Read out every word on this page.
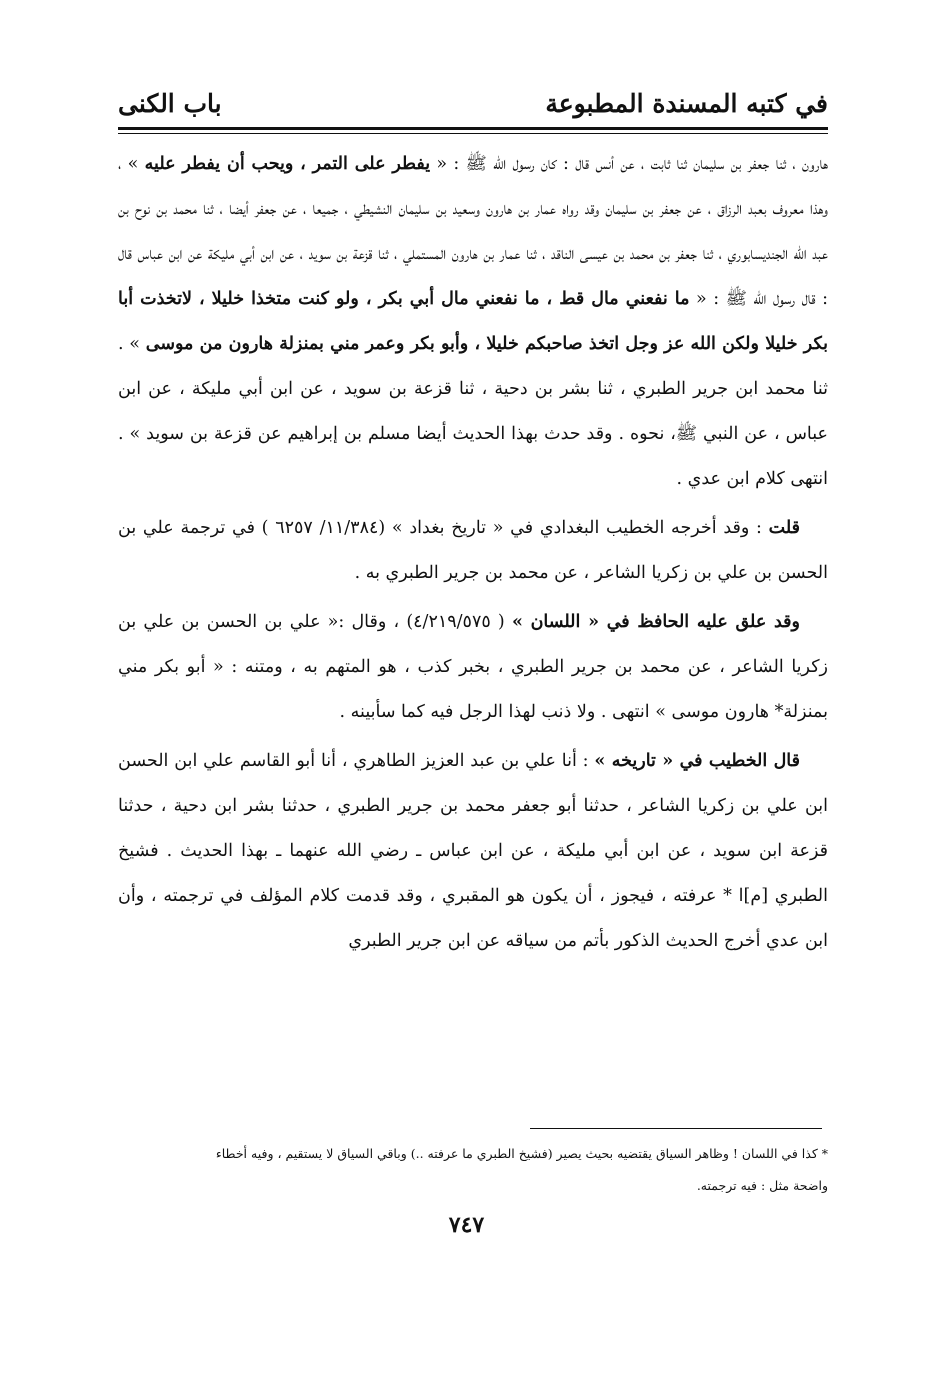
في كتبه المسندة المطبوعة
باب الكنى

هارون ، ثنا جعفر بن سليمان ثنا ثابت ، عن أنس قال : كان رسول الله ﷺ : « يفطر على التمر ، ويحب أن يفطر عليه » ، وهذا معروف بعبد الرزاق ، عن جعفر بن سليمان وقد رواه عمار بن هارون وسعيد بن سليمان النشيطي ، جميعا ، عن جعفر أيضا ، ثنا محمد بن نوح بن عبد الله الجنديسابوري ، ثنا جعفر بن محمد بن عيسى الناقد ، ثنا عمار بن هارون المستملي ، ثنا قزعة بن سويد ، عن ابن أبي مليكة عن ابن عباس قال : قال رسول الله ﷺ : « ما نفعني مال قط ، ما نفعني مال أبي بكر ، ولو كنت متخذا خليلا ، لاتخذت أبا بكر خليلا ولكن الله عز وجل اتخذ صاحبكم خليلا ، وأبو بكر وعمر مني بمنزلة هارون من موسى » . ثنا محمد ابن جرير الطبري ، ثنا بشر بن دحية ، ثنا قزعة بن سويد ، عن ابن أبي مليكة ، عن ابن عباس ، عن النبي ﷺ، نحوه . وقد حدث بهذا الحديث أيضا مسلم بن إبراهيم عن قزعة بن سويد » . انتهى كلام ابن عدي .

قلت : وقد أخرجه الخطيب البغدادي في « تاريخ بغداد » (١١/٣٨٤/ ٦٢٥٧ ) في ترجمة علي بن الحسن بن علي بن زكريا الشاعر ، عن محمد بن جرير الطبري به .

وقد علق عليه الحافظ في « اللسان » ( ٤/٢١٩/٥٧٥) ، وقال :« علي بن الحسن بن علي بن زكريا الشاعر ، عن محمد بن جرير الطبري ، بخبر كذب ، هو المتهم به ، ومتنه : « أبو بكر مني بمنزلة* هارون موسى » انتهى . ولا ذنب لهذا الرجل فيه كما سأبينه .

قال الخطيب في « تاريخه » : أنا علي بن عبد العزيز الطاهري ، أنا أبو القاسم علي ابن الحسن ابن علي بن زكريا الشاعر ، حدثنا أبو جعفر محمد بن جرير الطبري ، حدثنا بشر ابن دحية ، حدثنا قزعة ابن سويد ، عن ابن أبي مليكة ، عن ابن عباس ـ رضي الله عنهما ـ بهذا الحديث . فشيخ الطبري [م]ا * عرفته ، فيجوز ، أن يكون هو المقبري ، وقد قدمت كلام المؤلف في ترجمته ، وأن ابن عدي أخرج الحديث الذكور بأتم من سياقه عن ابن جرير الطبري

* كذا في اللسان ! وظاهر السياق يقتضيه بحيث يصير (فشيخ الطبري ما عرفته ..) وباقي السياق لا يستقيم ، وفيه أخطاء

واضحة مثل : فيه ترجمته.

٧٤٧
